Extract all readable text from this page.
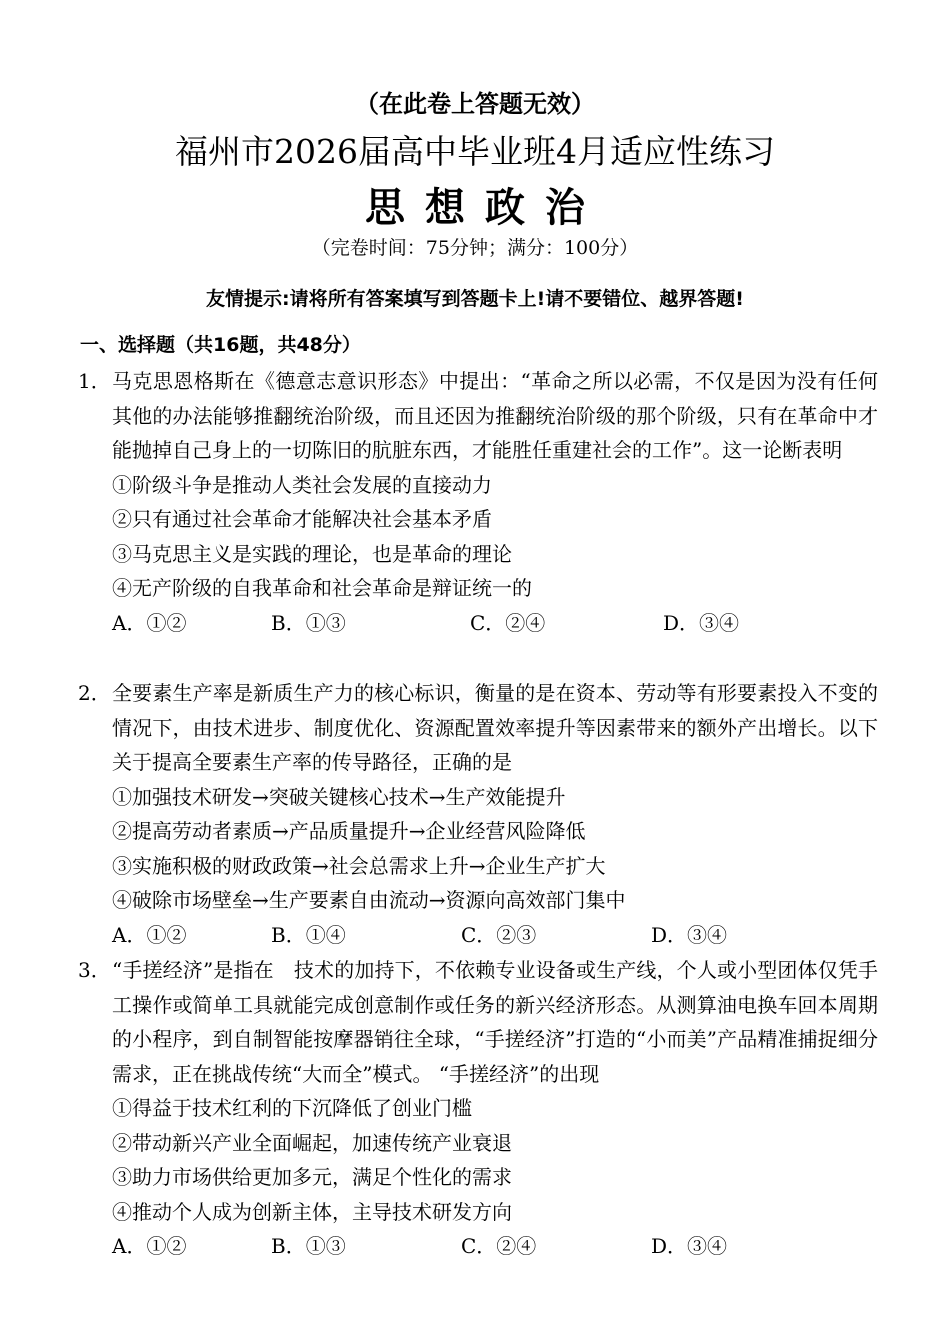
（在此卷上答题无效）
福州市2026届高中毕业班4月适应性练习
思想政治
（完卷时间：75分钟；满分：100分）
友情提示:请将所有答案填写到答题卡上!请不要错位、越界答题!
一、选择题（共16题，共48分）
1． 马克思恩格斯在《德意志意识形态》中提出：“革命之所以必需，不仅是因为没有任何其他的办法能够推翻统治阶级，而且还因为推翻统治阶级的那个阶级，只有在革命中才能抛掉自己身上的一切陈旧的肮脏东西，才能胜任重建社会的工作”。这一论断表明
①阶级斗争是推动人类社会发展的直接动力
②只有通过社会革命才能解决社会基本矛盾
③马克思主义是实践的理论，也是革命的理论
④无产阶级的自我革命和社会革命是辩证统一的
A．①②	B．①③	C．②④	D．③④
2． 全要素生产率是新质生产力的核心标识，衡量的是在资本、劳动等有形要素投入不变的情况下，由技术进步、制度优化、资源配置效率提升等因素带来的额外产出增长。以下关于提高全要素生产率的传导路径，正确的是
①加强技术研发→突破关键核心技术→生产效能提升
②提高劳动者素质→产品质量提升→企业经营风险降低
③实施积极的财政政策→社会总需求上升→企业生产扩大
④破除市场壁垒→生产要素自由流动→资源向高效部门集中
A．①②	B．①④	C．②③	D．③④
3． “手搓经济”是指在　技术的加持下，不依赖专业设备或生产线，个人或小型团体仅凭手工操作或简单工具就能完成创意制作或任务的新兴经济形态。从测算油电换车回本周期的小程序，到自制智能按摩器销往全球，“手搓经济”打造的“小而美”产品精准捕捉细分需求，正在挑战传统“大而全”模式。 “手搓经济”的出现
①得益于技术红利的下沉降低了创业门槛
②带动新兴产业全面崛起，加速传统产业衰退
③助力市场供给更加多元，满足个性化的需求
④推动个人成为创新主体，主导技术研发方向
A．①②	B．①③	C．②④	D．③④
